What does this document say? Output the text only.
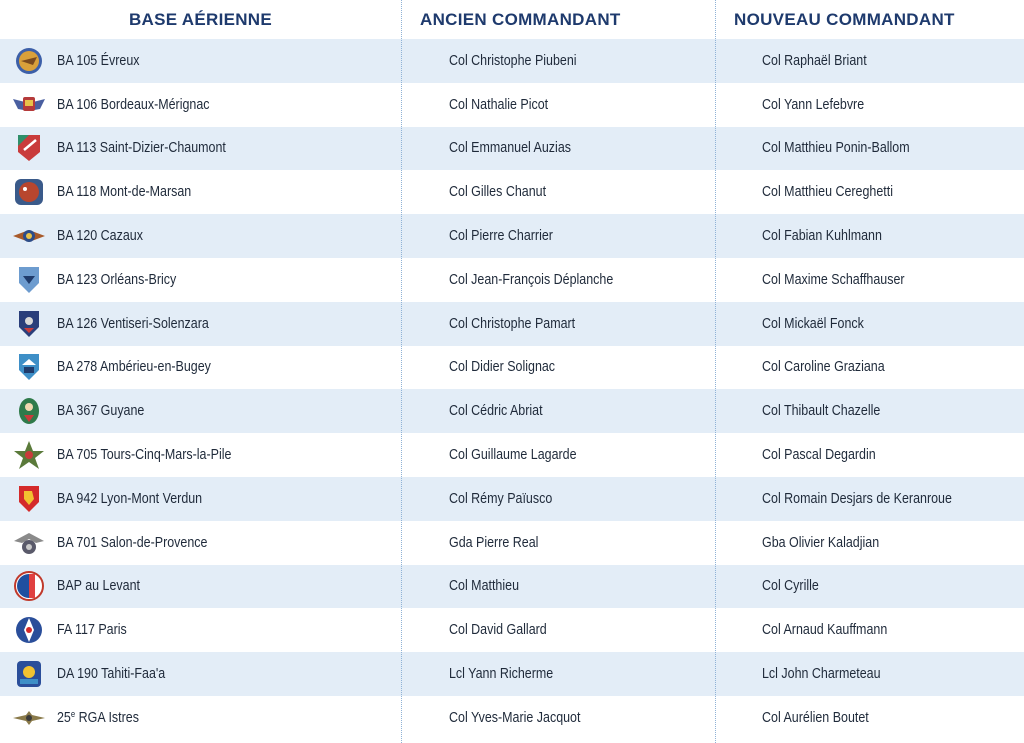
BASE AÉRIENNE	ANCIEN COMMANDANT	NOUVEAU COMMANDANT
BA 105 Évreux	Col Christophe Piubeni	Col Raphaël Briant
BA 106 Bordeaux-Mérignac	Col Nathalie Picot	Col Yann Lefebvre
BA 113 Saint-Dizier-Chaumont	Col Emmanuel Auzias	Col Matthieu Ponin-Ballom
BA 118 Mont-de-Marsan	Col Gilles Chanut	Col Matthieu Cereghetti
BA 120 Cazaux	Col Pierre Charrier	Col Fabian Kuhlmann
BA 123 Orléans-Bricy	Col Jean-François Déplanche	Col Maxime Schaffhauser
BA 126 Ventiseri-Solenzara	Col Christophe Pamart	Col Mickaël Fonck
BA 278 Ambérieu-en-Bugey	Col Didier Solignac	Col Caroline Graziana
BA 367 Guyane	Col Cédric Abriat	Col Thibault Chazelle
BA 705 Tours-Cinq-Mars-la-Pile	Col Guillaume Lagarde	Col Pascal Degardin
BA 942 Lyon-Mont Verdun	Col Rémy Païusco	Col Romain Desjars de Keranroue
BA 701 Salon-de-Provence	Gda Pierre Real	Gba Olivier Kaladjian
BAP au Levant	Col Matthieu	Col Cyrille
FA 117 Paris	Col David Gallard	Col Arnaud Kauffmann
DA 190 Tahiti-Faa'a	Lcl Yann Richerme	Lcl John Charmeteau
25e RGA Istres	Col Yves-Marie Jacquot	Col Aurélien Boutet
